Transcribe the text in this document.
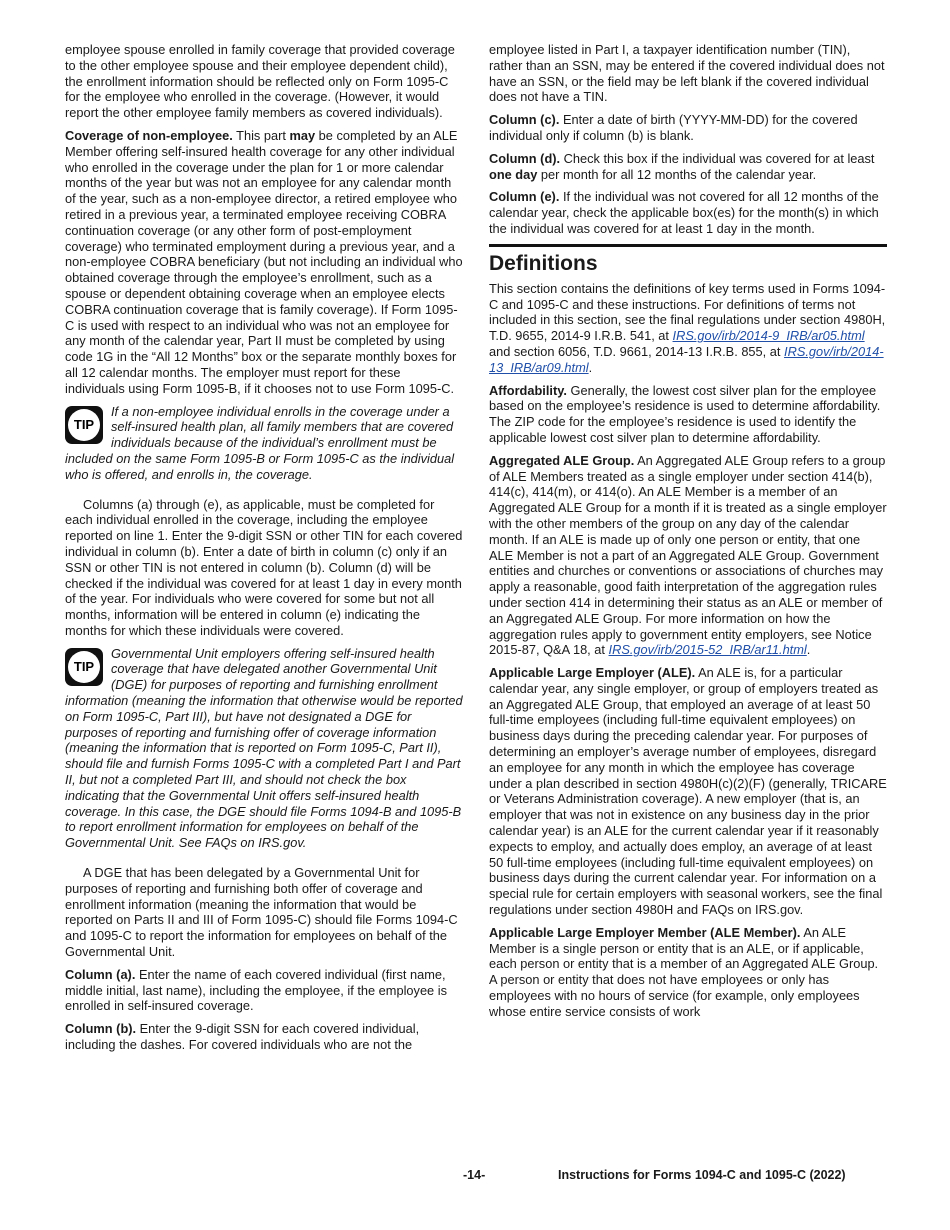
employee spouse enrolled in family coverage that provided coverage to the other employee spouse and their employee dependent child), the enrollment information should be reflected only on Form 1095-C for the employee who enrolled in the coverage. (However, it would report the other employee family members as covered individuals).

Coverage of non-employee. This part may be completed by an ALE Member offering self-insured health coverage for any other individual who enrolled in the coverage under the plan for 1 or more calendar months of the year but was not an employee for any calendar month of the year, such as a non-employee director, a retired employee who retired in a previous year, a terminated employee receiving COBRA continuation coverage (or any other form of post-employment coverage) who terminated employment during a previous year, and a non-employee COBRA beneficiary (but not including an individual who obtained coverage through the employee’s enrollment, such as a spouse or dependent obtaining coverage when an employee elects COBRA continuation coverage that is family coverage). If Form 1095-C is used with respect to an individual who was not an employee for any month of the calendar year, Part II must be completed by using code 1G in the “All 12 Months” box or the separate monthly boxes for all 12 calendar months. The employer must report for these individuals using Form 1095-B, if it chooses not to use Form 1095-C.

TIP
If a non-employee individual enrolls in the coverage under a self-insured health plan, all family members that are covered individuals because of the individual’s enrollment must be included on the same Form 1095-B or Form 1095-C as the individual who is offered, and enrolls in, the coverage.

Columns (a) through (e), as applicable, must be completed for each individual enrolled in the coverage, including the employee reported on line 1. Enter the 9-digit SSN or other TIN for each covered individual in column (b). Enter a date of birth in column (c) only if an SSN or other TIN is not entered in column (b). Column (d) will be checked if the individual was covered for at least 1 day in every month of the year. For individuals who were covered for some but not all months, information will be entered in column (e) indicating the months for which these individuals were covered.

TIP
Governmental Unit employers offering self-insured health coverage that have delegated another Governmental Unit (DGE) for purposes of reporting and furnishing enrollment information (meaning the information that otherwise would be reported on Form 1095-C, Part III), but have not designated a DGE for purposes of reporting and furnishing offer of coverage information (meaning the information that is reported on Form 1095-C, Part II), should file and furnish Forms 1095-C with a completed Part I and Part II, but not a completed Part III, and should not check the box indicating that the Governmental Unit offers self-insured health coverage. In this case, the DGE should file Forms 1094-B and 1095-B to report enrollment information for employees on behalf of the Governmental Unit. See FAQs on IRS.gov.

A DGE that has been delegated by a Governmental Unit for purposes of reporting and furnishing both offer of coverage and enrollment information (meaning the information that would be reported on Parts II and III of Form 1095-C) should file Forms 1094-C and 1095-C to report the information for employees on behalf of the Governmental Unit.

Column (a). Enter the name of each covered individual (first name, middle initial, last name), including the employee, if the employee is enrolled in self-insured coverage.

Column (b). Enter the 9-digit SSN for each covered individual, including the dashes. For covered individuals who are not the

employee listed in Part I, a taxpayer identification number (TIN), rather than an SSN, may be entered if the covered individual does not have an SSN, or the field may be left blank if the covered individual does not have a TIN.

Column (c). Enter a date of birth (YYYY-MM-DD) for the covered individual only if column (b) is blank.

Column (d). Check this box if the individual was covered for at least one day per month for all 12 months of the calendar year.

Column (e). If the individual was not covered for all 12 months of the calendar year, check the applicable box(es) for the month(s) in which the individual was covered for at least 1 day in the month.

Definitions

This section contains the definitions of key terms used in Forms 1094-C and 1095-C and these instructions. For definitions of terms not included in this section, see the final regulations under section 4980H, T.D. 9655, 2014-9 I.R.B. 541, at IRS.gov/irb/2014-9_IRB/ar05.html and section 6056, T.D. 9661, 2014-13 I.R.B. 855, at IRS.gov/irb/2014-13_IRB/ar09.html.

Affordability. Generally, the lowest cost silver plan for the employee based on the employee’s residence is used to determine affordability. The ZIP code for the employee’s residence is used to identify the applicable lowest cost silver plan to determine affordability.

Aggregated ALE Group. An Aggregated ALE Group refers to a group of ALE Members treated as a single employer under section 414(b), 414(c), 414(m), or 414(o). An ALE Member is a member of an Aggregated ALE Group for a month if it is treated as a single employer with the other members of the group on any day of the calendar month. If an ALE is made up of only one person or entity, that one ALE Member is not a part of an Aggregated ALE Group. Government entities and churches or conventions or associations of churches may apply a reasonable, good faith interpretation of the aggregation rules under section 414 in determining their status as an ALE or member of an Aggregated ALE Group. For more information on how the aggregation rules apply to government entity employers, see Notice 2015-87, Q&A 18, at IRS.gov/irb/2015-52_IRB/ar11.html.

Applicable Large Employer (ALE). An ALE is, for a particular calendar year, any single employer, or group of employers treated as an Aggregated ALE Group, that employed an average of at least 50 full-time employees (including full-time equivalent employees) on business days during the preceding calendar year. For purposes of determining an employer’s average number of employees, disregard an employee for any month in which the employee has coverage under a plan described in section 4980H(c)(2)(F) (generally, TRICARE or Veterans Administration coverage). A new employer (that is, an employer that was not in existence on any business day in the prior calendar year) is an ALE for the current calendar year if it reasonably expects to employ, and actually does employ, an average of at least 50 full-time employees (including full-time equivalent employees) on business days during the current calendar year. For information on a special rule for certain employers with seasonal workers, see the final regulations under section 4980H and FAQs on IRS.gov.

Applicable Large Employer Member (ALE Member). An ALE Member is a single person or entity that is an ALE, or if applicable, each person or entity that is a member of an Aggregated ALE Group. A person or entity that does not have employees or only has employees with no hours of service (for example, only employees whose entire service consists of work

-14-	Instructions for Forms 1094-C and 1095-C (2022)
